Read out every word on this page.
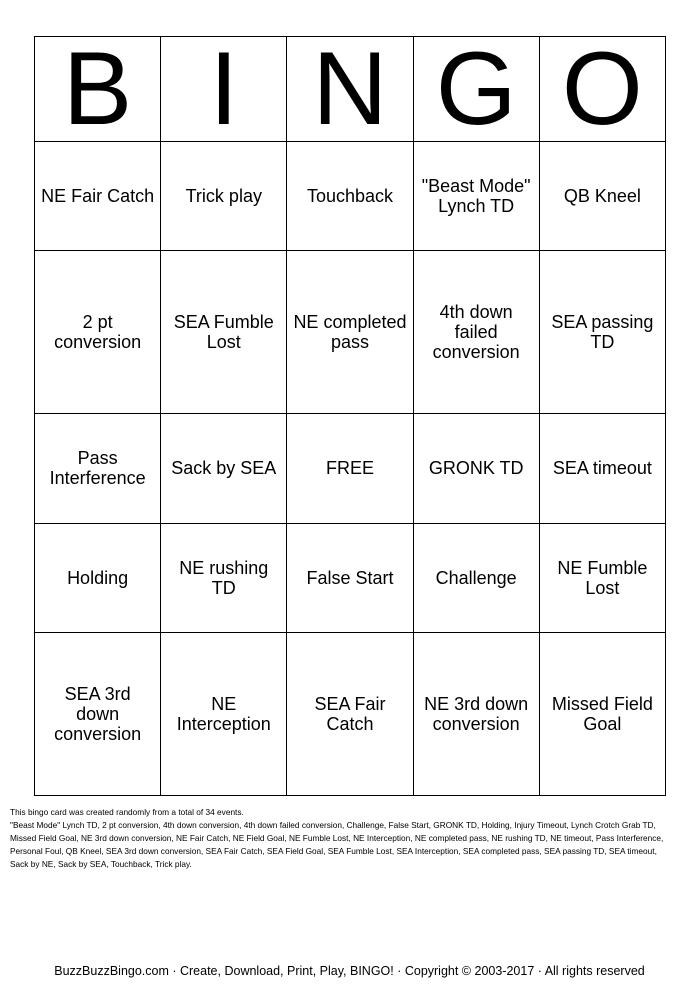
B	I	N	G	O
NE Fair Catch	Trick play	Touchback	"Beast Mode" Lynch TD	QB Kneel
2 pt conversion	SEA Fumble Lost	NE completed pass	4th down failed conversion	SEA passing TD
Pass Interference	Sack by SEA	FREE	GRONK TD	SEA timeout
Holding	NE rushing TD	False Start	Challenge	NE Fumble Lost
SEA 3rd down conversion	NE Interception	SEA Fair Catch	NE 3rd down conversion	Missed Field Goal

This bingo card was created randomly from a total of 34 events.

"Beast Mode" Lynch TD, 2 pt conversion, 4th down conversion, 4th down failed conversion, Challenge, False Start, GRONK TD, Holding, Injury Timeout, Lynch Crotch Grab TD, Missed Field Goal, NE 3rd down conversion, NE Fair Catch, NE Field Goal, NE Fumble Lost, NE Interception, NE completed pass, NE rushing TD, NE timeout, Pass Interference, Personal Foul, QB Kneel, SEA 3rd down conversion, SEA Fair Catch, SEA Field Goal, SEA Fumble Lost, SEA Interception, SEA completed pass, SEA passing TD, SEA timeout, Sack by NE, Sack by SEA, Touchback, Trick play.

BuzzBuzzBingo.com · Create, Download, Print, Play, BINGO! · Copyright © 2003-2017 · All rights reserved
